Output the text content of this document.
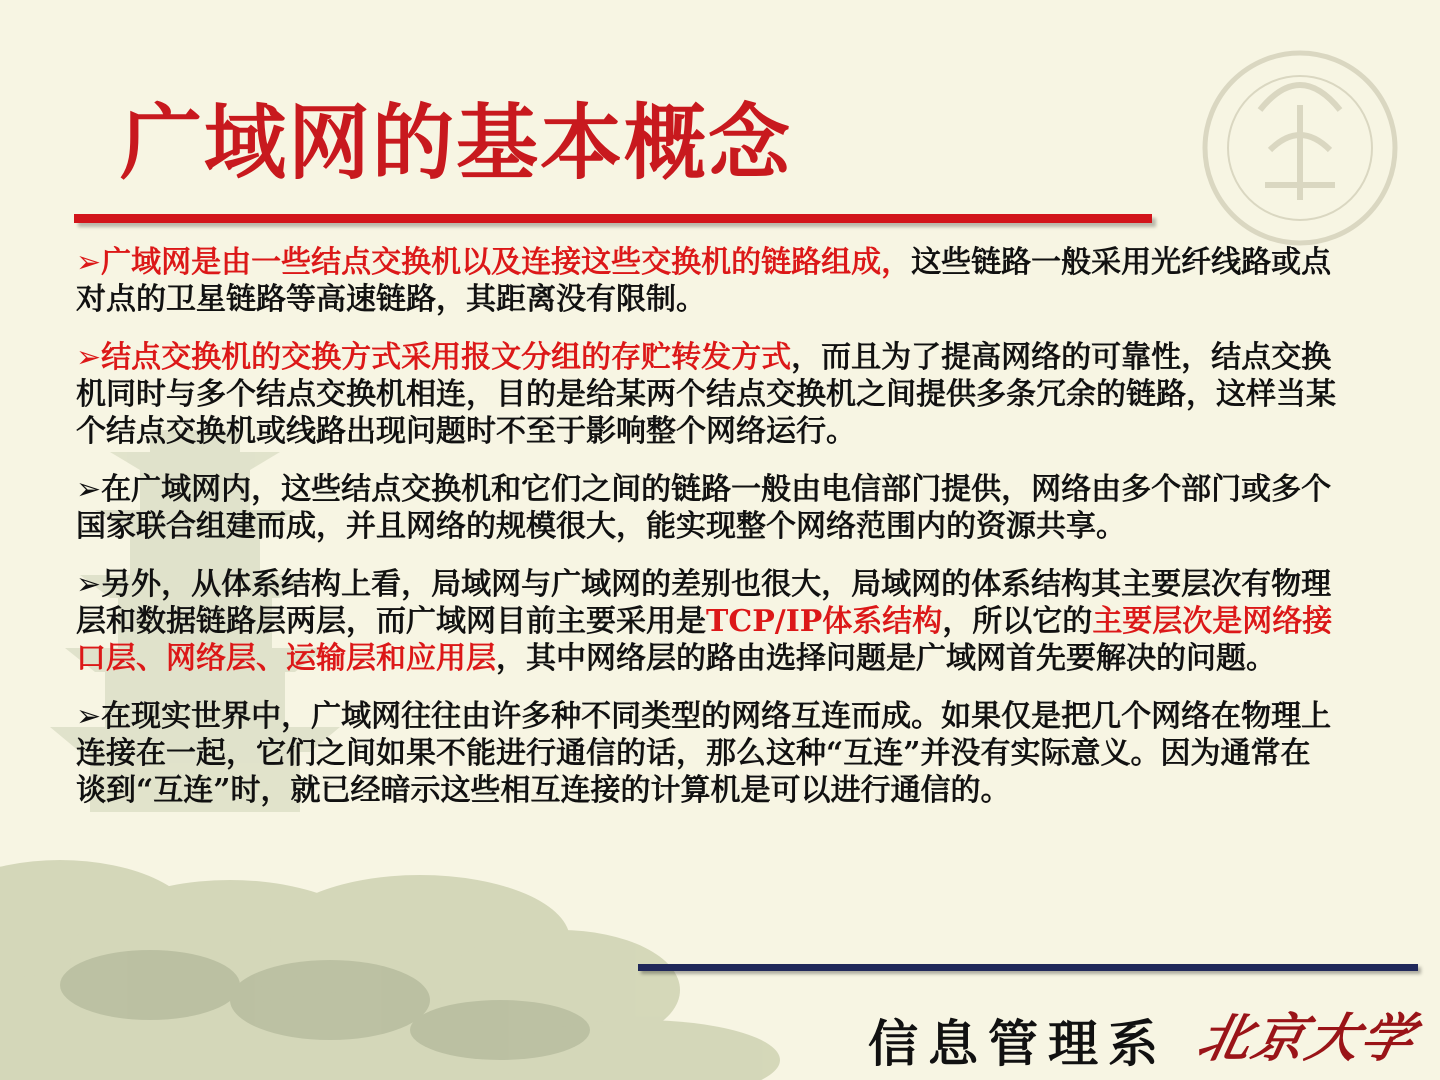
广域网的基本概念

➢广域网是由一些结点交换机以及连接这些交换机的链路组成，这些链路一般采用光纤线路或点对点的卫星链路等高速链路，其距离没有限制。

➢结点交换机的交换方式采用报文分组的存贮转发方式，而且为了提高网络的可靠性，结点交换机同时与多个结点交换机相连，目的是给某两个结点交换机之间提供多条冗余的链路，这样当某个结点交换机或线路出现问题时不至于影响整个网络运行。

➢在广域网内，这些结点交换机和它们之间的链路一般由电信部门提供，网络由多个部门或多个国家联合组建而成，并且网络的规模很大，能实现整个网络范围内的资源共享。

➢另外，从体系结构上看，局域网与广域网的差别也很大，局域网的体系结构其主要层次有物理层和数据链路层两层，而广域网目前主要采用是TCP/IP体系结构，所以它的主要层次是网络接口层、网络层、运输层和应用层，其中网络层的路由选择问题是广域网首先要解决的问题。

➢在现实世界中，广域网往往由许多种不同类型的网络互连而成。如果仅是把几个网络在物理上连接在一起，它们之间如果不能进行通信的话，那么这种“互连”并没有实际意义。因为通常在谈到“互连”时，就已经暗示这些相互连接的计算机是可以进行通信的。

信息管理系 北京大学
